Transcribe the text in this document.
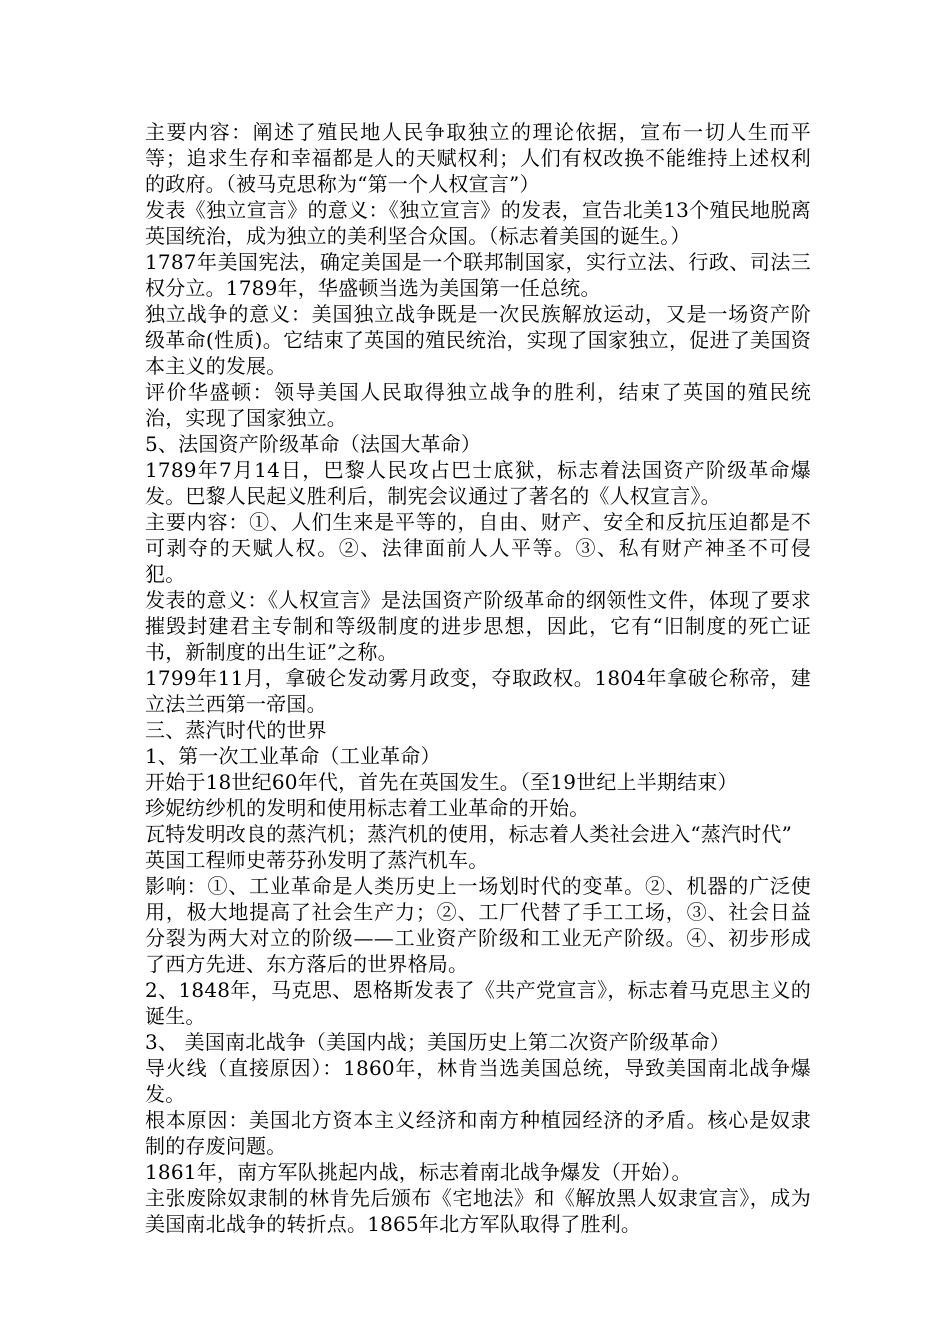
主要内容：阐述了殖民地人民争取独立的理论依据，宣布一切人生而平等；追求生存和幸福都是人的天赋权利；人们有权改换不能维持上述权利的政府。（被马克思称为“第一个人权宣言”）

发表《独立宣言》的意义：《独立宣言》的发表，宣告北美13个殖民地脱离英国统治，成为独立的美利坚合众国。（标志着美国的诞生。）

1787年美国宪法，确定美国是一个联邦制国家，实行立法、行政、司法三权分立。1789年，华盛顿当选为美国第一任总统。

独立战争的意义：美国独立战争既是一次民族解放运动，又是一场资产阶级革命(性质)。它结束了英国的殖民统治，实现了国家独立，促进了美国资本主义的发展。

评价华盛顿：领导美国人民取得独立战争的胜利，结束了英国的殖民统治，实现了国家独立。

5、法国资产阶级革命（法国大革命）

1789年7月14日，巴黎人民攻占巴士底狱，标志着法国资产阶级革命爆发。巴黎人民起义胜利后，制宪会议通过了著名的《人权宣言》。

主要内容：①、人们生来是平等的，自由、财产、安全和反抗压迫都是不可剥夺的天赋人权。②、法律面前人人平等。③、私有财产神圣不可侵犯。

发表的意义：《人权宣言》是法国资产阶级革命的纲领性文件，体现了要求摧毁封建君主专制和等级制度的进步思想，因此，它有“旧制度的死亡证书，新制度的出生证”之称。

1799年11月，拿破仑发动雾月政变，夺取政权。1804年拿破仑称帝，建立法兰西第一帝国。

三、蒸汽时代的世界

1、第一次工业革命（工业革命）

开始于18世纪60年代，首先在英国发生。（至19世纪上半期结束）

珍妮纺纱机的发明和使用标志着工业革命的开始。

瓦特发明改良的蒸汽机；蒸汽机的使用，标志着人类社会进入“蒸汽时代”

英国工程师史蒂芬孙发明了蒸汽机车。

影响：①、工业革命是人类历史上一场划时代的变革。②、机器的广泛使用，极大地提高了社会生产力；②、工厂代替了手工工场，③、社会日益分裂为两大对立的阶级——工业资产阶级和工业无产阶级。④、初步形成了西方先进、东方落后的世界格局。

2、1848年，马克思、恩格斯发表了《共产党宣言》，标志着马克思主义的诞生。

3、 美国南北战争（美国内战；美国历史上第二次资产阶级革命）

导火线（直接原因）：1860年，林肯当选美国总统，导致美国南北战争爆发。

根本原因：美国北方资本主义经济和南方种植园经济的矛盾。核心是奴隶制的存废问题。

1861年，南方军队挑起内战，标志着南北战争爆发（开始）。

主张废除奴隶制的林肯先后颁布《宅地法》和《解放黑人奴隶宣言》，成为美国南北战争的转折点。1865年北方军队取得了胜利。
